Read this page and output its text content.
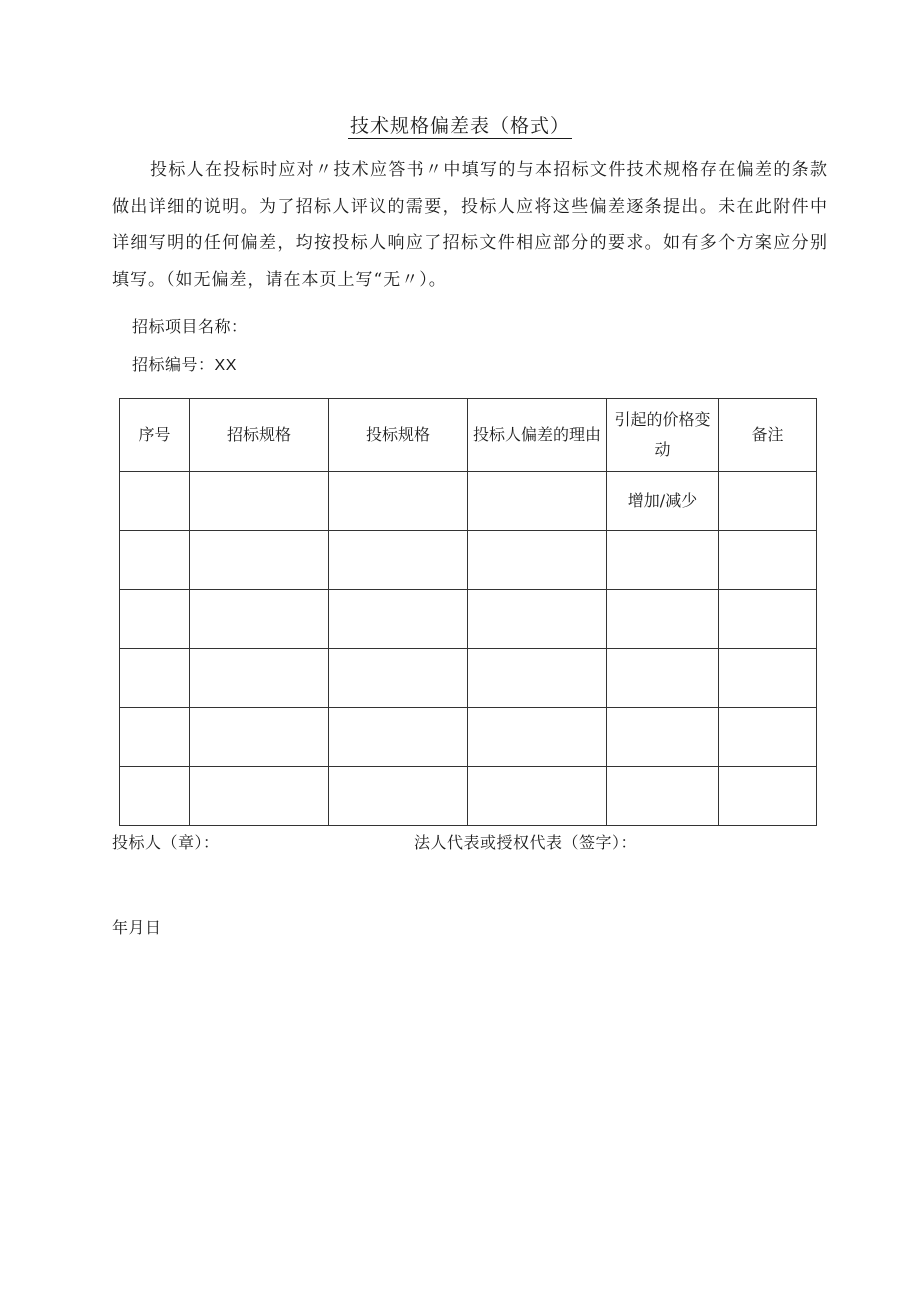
技术规格偏差表（格式）

投标人在投标时应对〃技术应答书〃中填写的与本招标文件技术规格存在偏差的条款做出详细的说明。为了招标人评议的需要，投标人应将这些偏差逐条提出。未在此附件中详细写明的任何偏差，均按投标人响应了招标文件相应部分的要求。如有多个方案应分别填写。（如无偏差，请在本页上写“无〃）。

招标项目名称：
招标编号：XX
序号	招标规格	投标规格	投标人偏差的理由	引起的价格变动	备注
				增加/减少	

投标人（章）：	法人代表或授权代表（签字）：
年月日
